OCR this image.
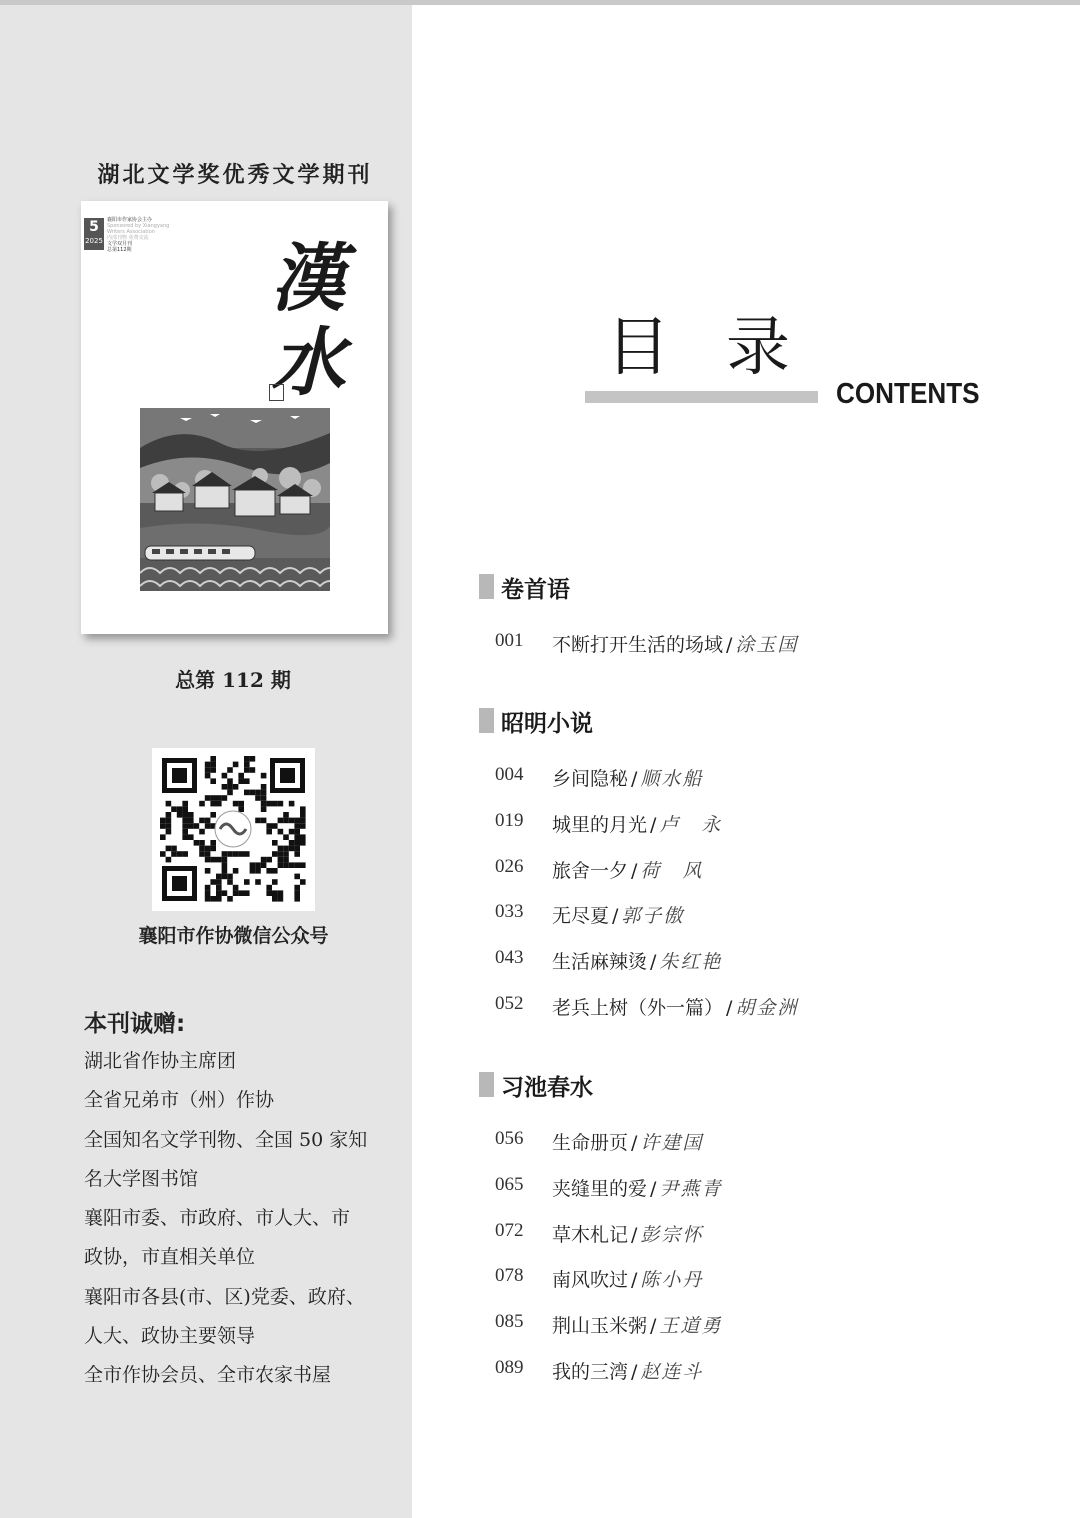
湖北文学奖优秀文学期刊
5
2025
襄阳市作家协会主办
Sponsored by Xiangyang
Writers Association
内部刊物 免费交流
文学双月刊
总第112期	漢
水
总第 112 期
襄阳市作协微信公众号
本刊诚赠:
湖北省作协主席团
全省兄弟市（州）作协
全国知名文学刊物、全国 50 家知
名大学图书馆
襄阳市委、市政府、市人大、市
政协，市直相关单位
襄阳市各县(市、区)党委、政府、
人大、政协主要领导
全市作协会员、全市农家书屋
目录
CONTENTS
卷首语
001 不断打开生活的场域 / 涂玉国
昭明小说
004 乡间隐秘 / 顺水船
019 城里的月光 / 卢　永
026 旅舍一夕 / 荷　风
033 无尽夏 / 郭子傲
043 生活麻辣烫 / 朱红艳
052 老兵上树（外一篇） / 胡金洲
习池春水
056 生命册页 / 许建国
065 夹缝里的爱 / 尹燕青
072 草木札记 / 彭宗怀
078 南风吹过 / 陈小丹
085 荆山玉米粥 / 王道勇
089 我的三湾 / 赵连斗
